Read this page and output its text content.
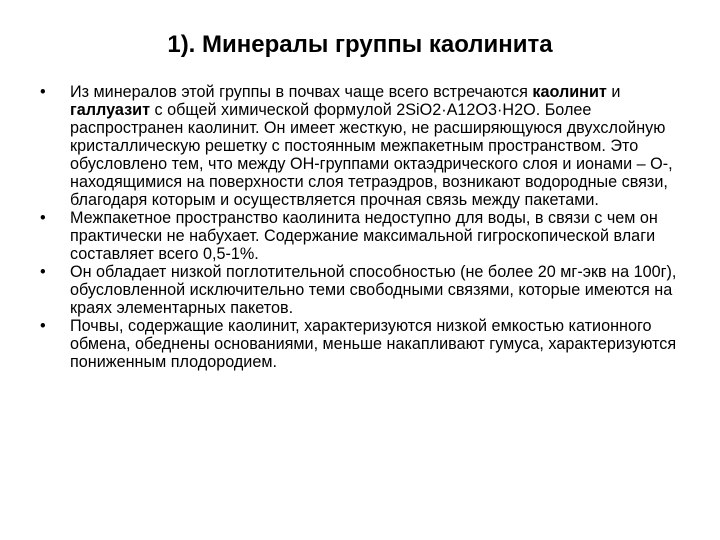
1). Минералы группы каолинита
•	Из минералов этой группы в почвах чаще всего встречаются каолинит и галлуазит с общей химической формулой 2SiO2·A12O3·H2O. Более распространен каолинит. Он имеет жесткую, не расширяющуюся двухслойную кристаллическую решетку с постоянным межпакетным пространством. Это обусловлено тем, что между ОН-группами октаэдрического слоя и ионами – О-, находящимися на поверхности слоя тетраэдров, возникают водородные связи, благодаря которым и осуществляется прочная связь между пакетами.
•	Межпакетное пространство каолинита недоступно для воды, в связи с чем он практически не набухает. Содержание максимальной гигроскопической влаги составляет всего 0,5-1%.
•	Он обладает низкой поглотительной способностью (не более 20 мг-экв на 100г), обусловленной исключительно теми свободными связями, которые имеются на краях элементарных пакетов.
•	Почвы, содержащие каолинит, характеризуются низкой емкостью катионного обмена, обеднены основаниями, меньше накапливают гумуса, характеризуются пониженным плодородием.
